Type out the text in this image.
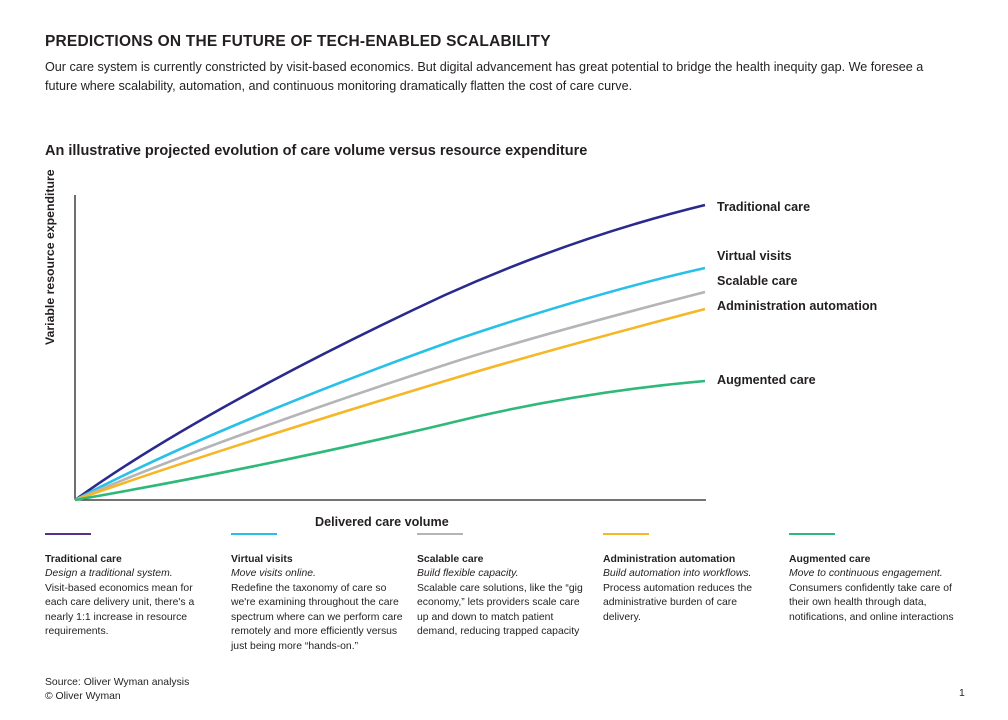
PREDICTIONS ON THE FUTURE OF TECH-ENABLED SCALABILITY
Our care system is currently constricted by visit-based economics. But digital advancement has great potential to bridge the health inequity gap. We foresee a future where scalability, automation, and continuous monitoring dramatically flatten the cost of care curve.
An illustrative projected evolution of care volume versus resource expenditure
Variable resource expenditure
Delivered care volume
Traditional care
Virtual visits
Scalable care
Administration automation
Augmented care
Traditional care
Design a traditional system.
Visit-based economics mean for each care delivery unit, there's a nearly 1:1 increase in resource requirements.
Virtual visits
Move visits online.
Redefine the taxonomy of care so we're examining throughout the care spectrum where can we perform care remotely and more efficiently versus just being more “hands-on.”
Scalable care
Build flexible capacity.
Scalable care solutions, like the “gig economy,” lets providers scale care up and down to match patient demand, reducing trapped capacity
Administration automation
Build automation into workflows.
Process automation reduces the administrative burden of care delivery.
Augmented care
Move to continuous engagement.
Consumers confidently take care of their own health through data, notifications, and online interactions
Source: Oliver Wyman analysis
© Oliver Wyman	1
